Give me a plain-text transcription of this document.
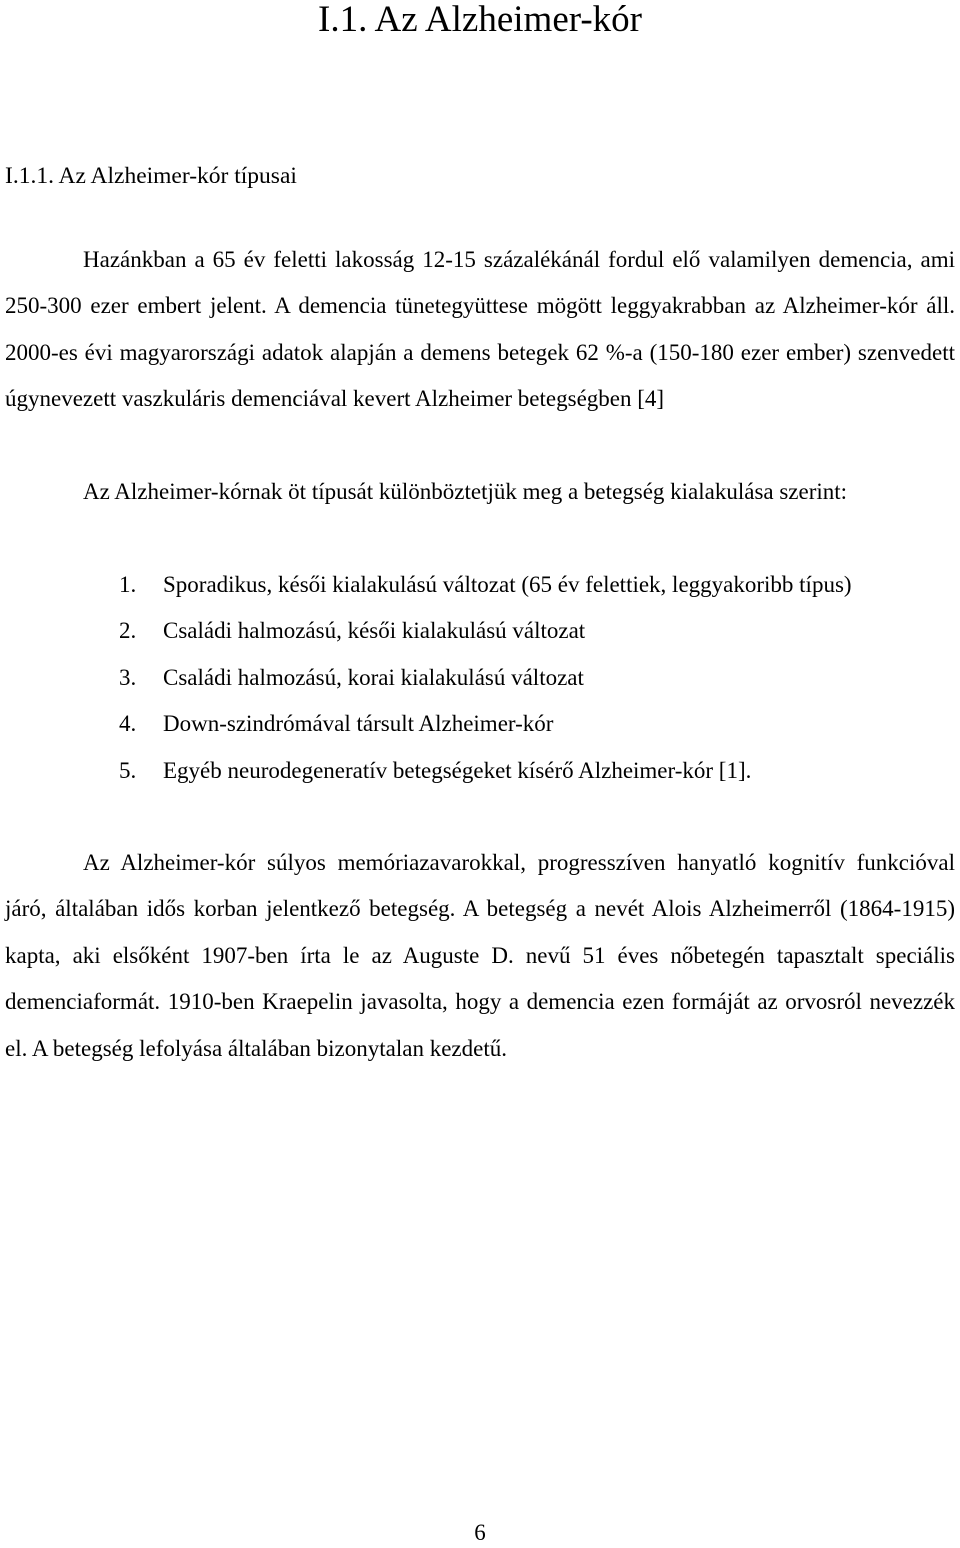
I.1. Az Alzheimer-kór
I.1.1. Az Alzheimer-kór típusai

Hazánkban a 65 év feletti lakosság 12-15 százalékánál fordul elő valamilyen demencia, ami 250-300 ezer embert jelent. A demencia tünetegyüttese mögött leggyakrabban az Alzheimer-kór áll. 2000-es évi magyarországi adatok alapján a demens betegek 62 %-a (150-180 ezer ember) szenvedett úgynevezett vaszkuláris demenciával kevert Alzheimer betegségben [4]

Az Alzheimer-kórnak öt típusát különböztetjük meg a betegség kialakulása szerint:

1. Sporadikus, késői kialakulású változat (65 év felettiek, leggyakoribb típus)
2. Családi halmozású, késői kialakulású változat
3. Családi halmozású, korai kialakulású változat
4. Down-szindrómával társult Alzheimer-kór
5. Egyéb neurodegeneratív betegségeket kísérő Alzheimer-kór [1].

Az Alzheimer-kór súlyos memóriazavarokkal, progresszíven hanyatló kognitív funkcióval járó, általában idős korban jelentkező betegség. A betegség a nevét Alois Alzheimerről (1864-1915) kapta, aki elsőként 1907-ben írta le az Auguste D. nevű 51 éves nőbetegén tapasztalt speciális demenciaformát. 1910-ben Kraepelin javasolta, hogy a demencia ezen formáját az orvosról nevezzék el. A betegség lefolyása általában bizonytalan kezdetű.

6
